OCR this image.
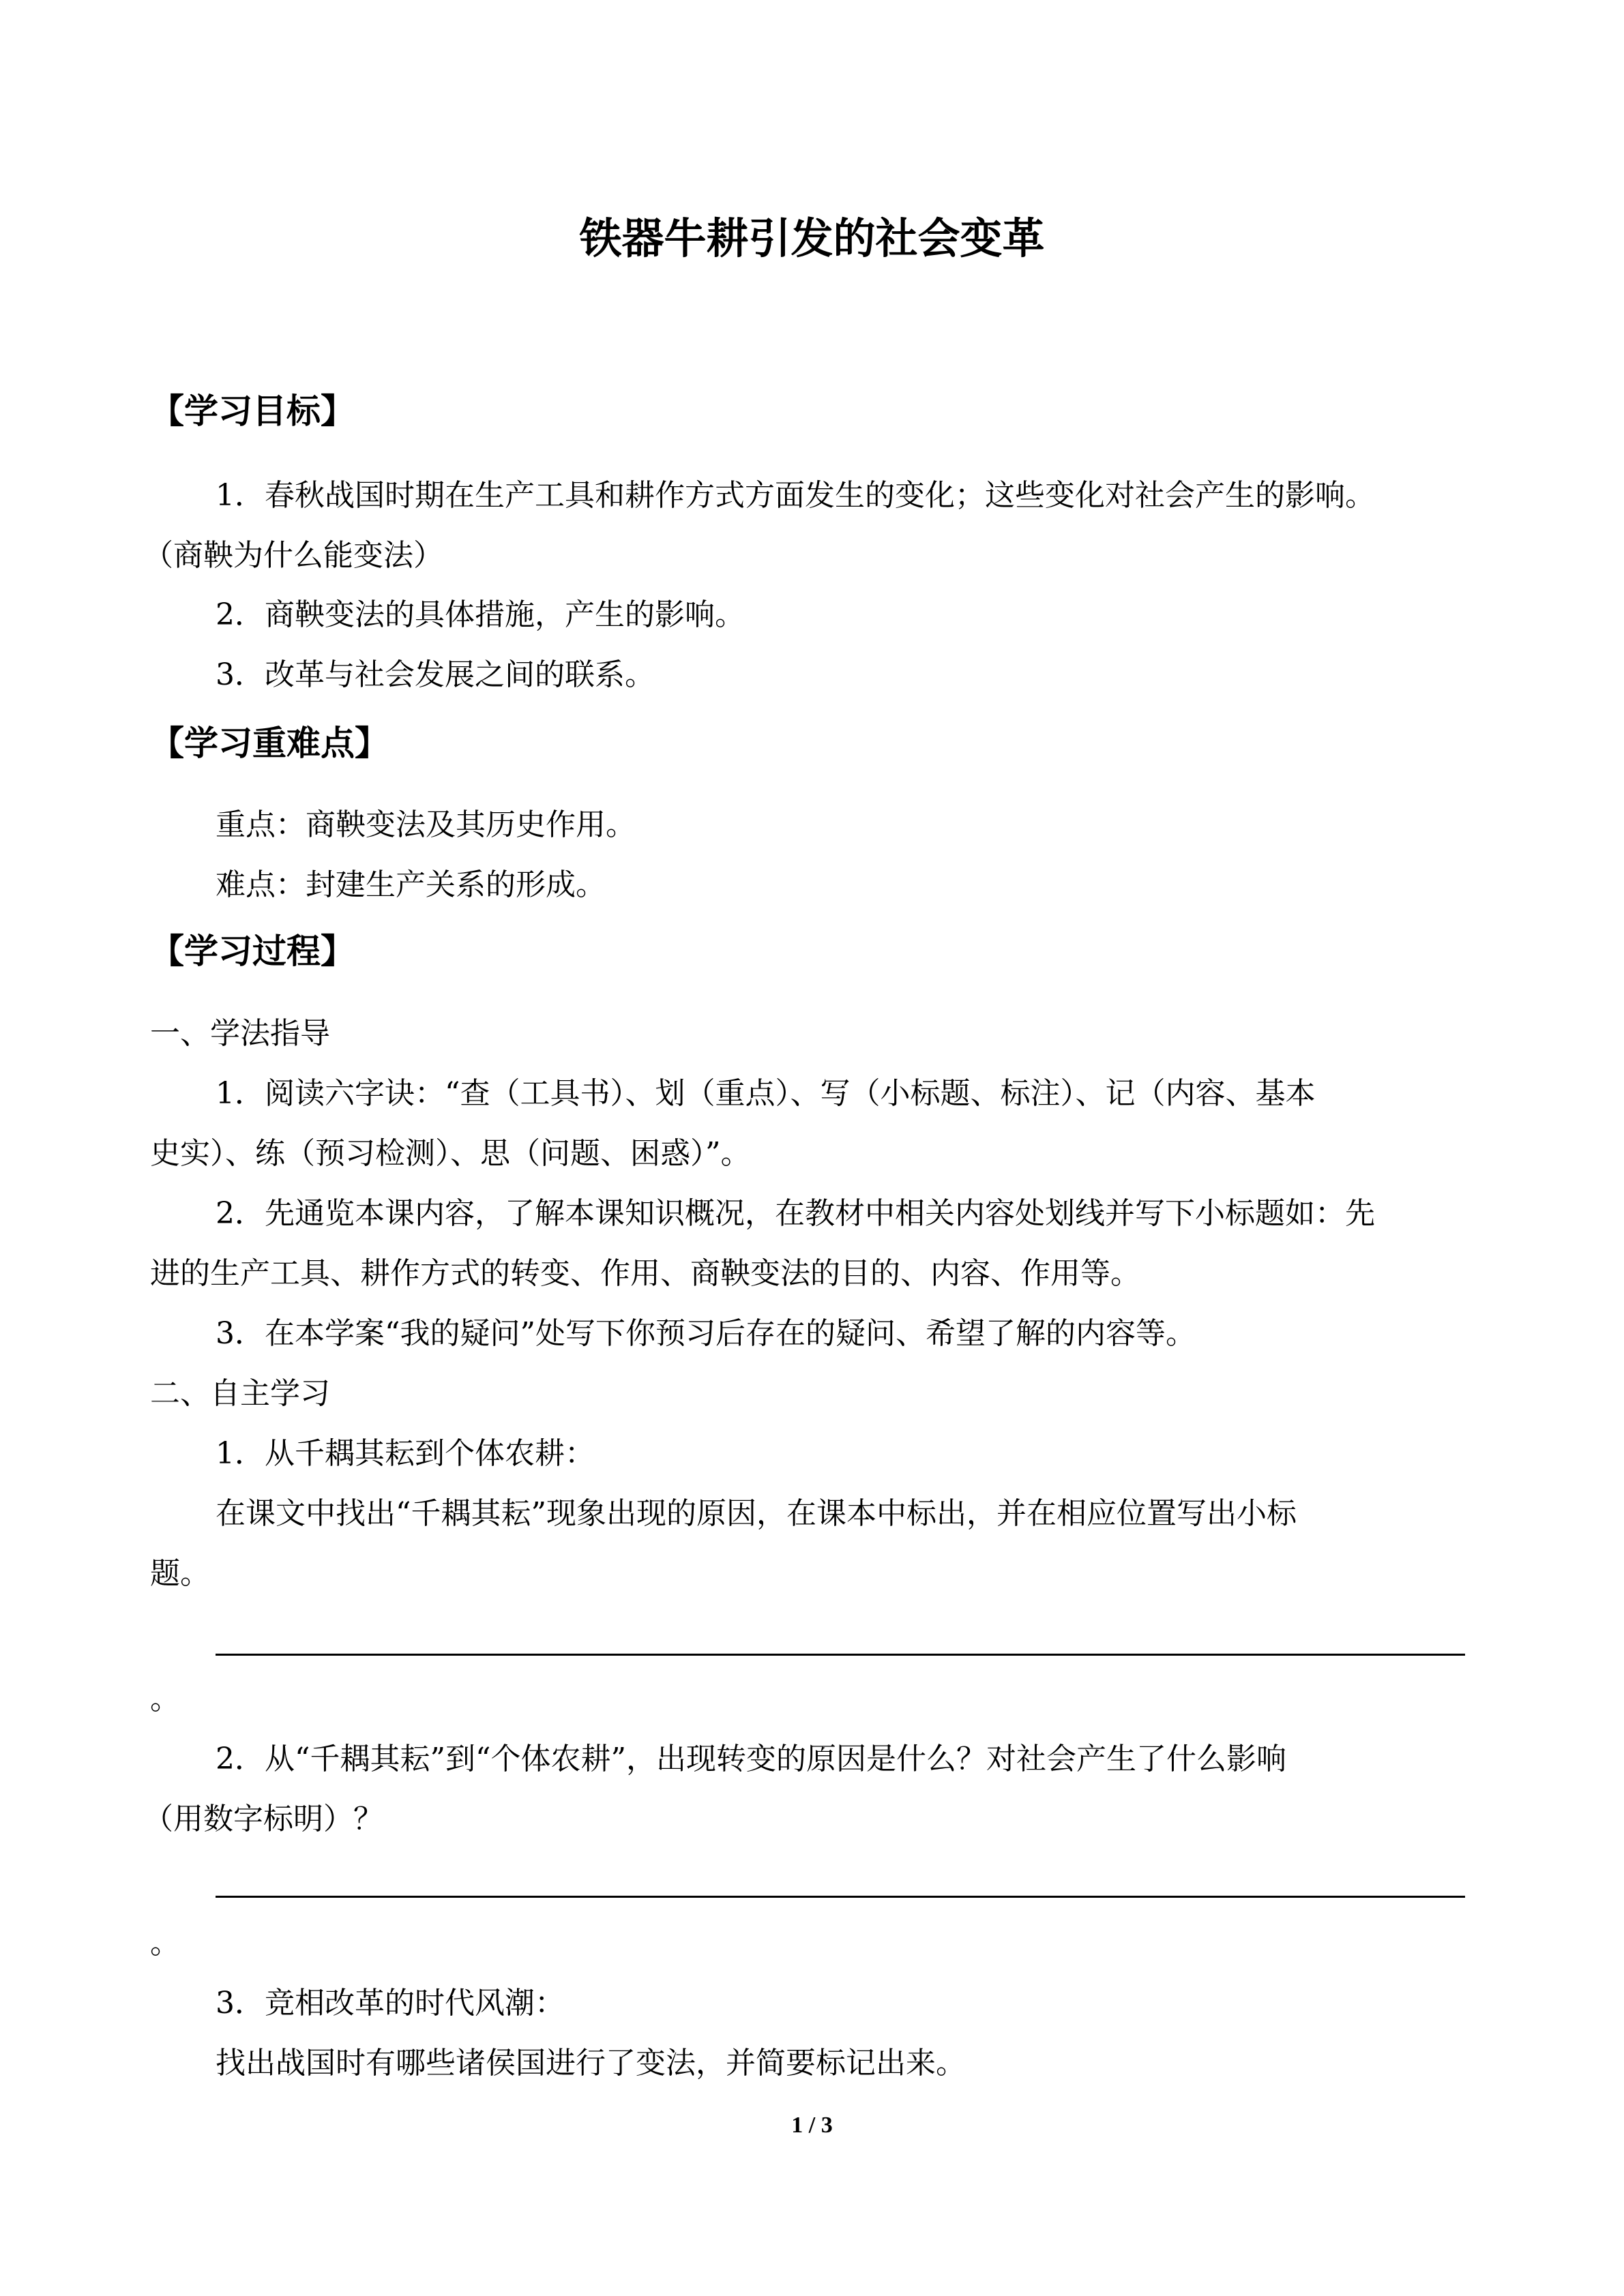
铁器牛耕引发的社会变革
【学习目标】
1．春秋战国时期在生产工具和耕作方式方面发生的变化；这些变化对社会产生的影响。
（商鞅为什么能变法）
2．商鞅变法的具体措施，产生的影响。
3．改革与社会发展之间的联系。
【学习重难点】
重点：商鞅变法及其历史作用。
难点：封建生产关系的形成。
【学习过程】
一、学法指导
1．阅读六字诀：“查（工具书）、划（重点）、写（小标题、标注）、记（内容、基本
史实）、练（预习检测）、思（问题、困惑）”。
2．先通览本课内容，了解本课知识概况，在教材中相关内容处划线并写下小标题如：先
进的生产工具、耕作方式的转变、作用、商鞅变法的目的、内容、作用等。
3．在本学案“我的疑问”处写下你预习后存在的疑问、希望了解的内容等。
二、自主学习
1．从千耦其耘到个体农耕：
在课文中找出“千耦其耘”现象出现的原因，在课本中标出，并在相应位置写出小标
题。
。
2．从“千耦其耘”到“个体农耕”，出现转变的原因是什么？对社会产生了什么影响
（用数字标明）？
。
3．竞相改革的时代风潮：
找出战国时有哪些诸侯国进行了变法，并简要标记出来。
1 / 3
